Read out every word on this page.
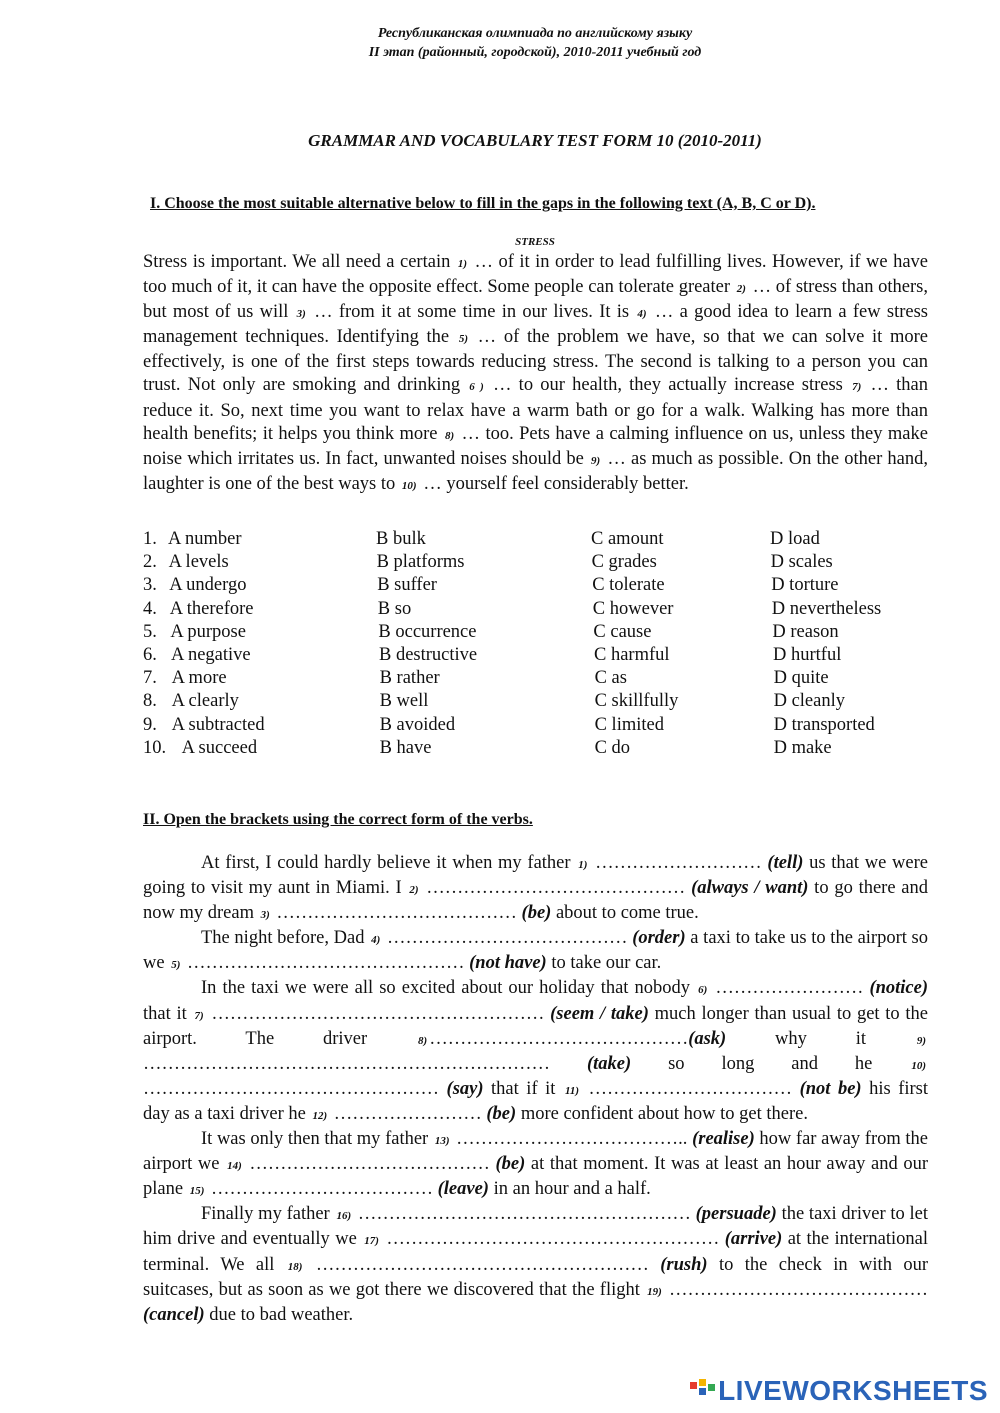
Республиканская олимпиада по английскому языку
II этап (районный, городской), 2010-2011 учебный год
GRAMMAR AND VOCABULARY TEST FORM 10 (2010-2011)
I. Choose the most suitable alternative below to fill in the gaps in the following text (A, B, C or D).
STRESS
Stress is important. We all need a certain 1) … of it in order to lead fulfilling lives. However, if we have too much of it, it can have the opposite effect. Some people can tolerate greater 2) … of stress than others, but most of us will 3) … from it at some time in our lives. It is 4) … a good idea to learn a few stress management techniques. Identifying the 5) … of the problem we have, so that we can solve it more effectively, is one of the first steps towards reducing stress. The second is talking to a person you can trust. Not only are smoking and drinking 6 ) … to our health, they actually increase stress 7) … than reduce it. So, next time you want to relax have a warm bath or go for a walk. Walking has more than health benefits; it helps you think more 8) … too. Pets have a calming influence on us, unless they make noise which irritates us. In fact, unwanted noises should be 9) … as much as possible. On the other hand, laughter is one of the best ways to 10) … yourself feel considerably better.
1. A number	B bulk	C amount	D load
2. A levels	B platforms	C grades	D scales
3. A undergo	B suffer	C tolerate	D torture
4. A therefore	B so	C however	D nevertheless
5. A purpose	B occurrence	C cause	D reason
6. A negative	B destructive	C harmful	D hurtful
7. A more	B rather	C as	D quite
8. A clearly	B well	C skillfully	D cleanly
9. A subtracted	B avoided	C limited	D transported
10. A succeed	B have	C do	D make
II. Open the brackets using the correct form of the verbs.
At first, I could hardly believe it when my father 1) ……………………… (tell) us that we were going to visit my aunt in Miami. I 2) …………………………………… (always / want) to go there and now my dream 3) ………………………………… (be) about to come true.
The night before, Dad 4) ………………………………… (order) a taxi to take us to the airport so we 5) ……………………………………… (not have) to take our car.
In the taxi we were all so excited about our holiday that nobody 6) …………………… (notice) that it 7) ……………………………………………… (seem / take) much longer than usual to get to the airport. The driver 8) ……………………………………(ask) why it 9) ………………………………………………………… (take) so long and he 10) ………………………………………… (say) that if it 11) …………………………… (not be) his first day as a taxi driver he 12) …………………… (be) more confident about how to get there.
It was only then that my father 13) ……………………………….. (realise) how far away from the airport we 14) ………………………………… (be) at that moment. It was at least an hour away and our plane 15) ……………………………… (leave) in an hour and a half.
Finally my father 16) ……………………………………………… (persuade) the taxi driver to let him drive and eventually we 17) ……………………………………………… (arrive) at the international terminal. We all 18) ……………………………………………… (rush) to the check in with our suitcases, but as soon as we got there we discovered that the flight 19) …………………………………… (cancel) due to bad weather.
LIVEWORKSHEETS
